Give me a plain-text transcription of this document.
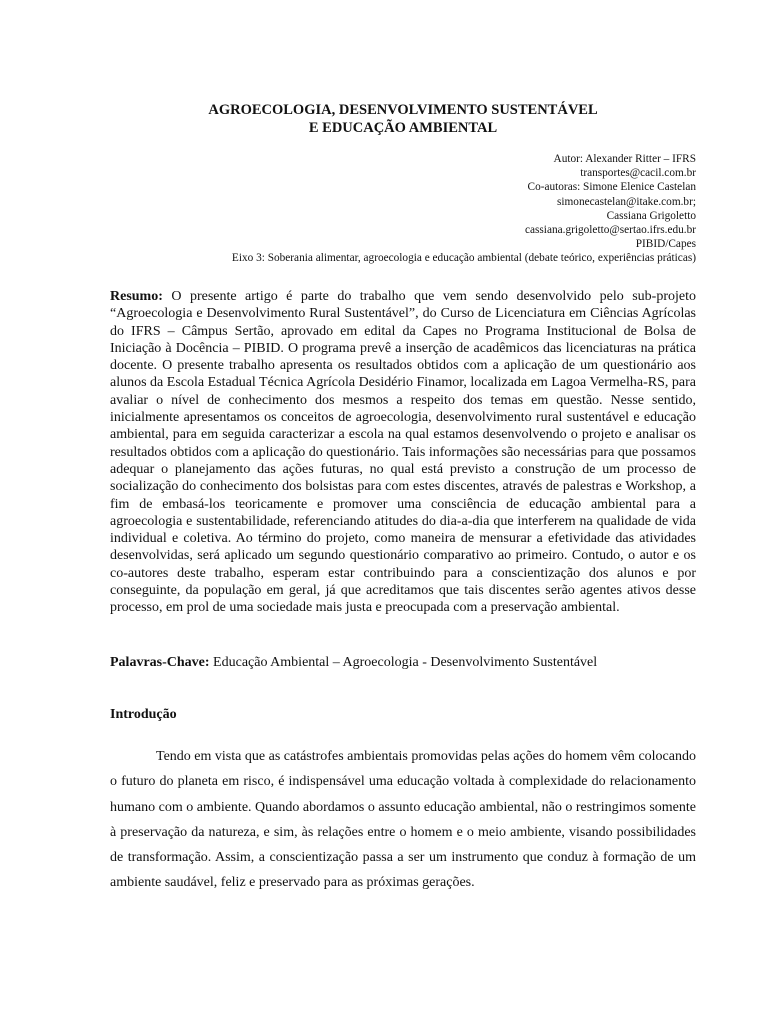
AGROECOLOGIA, DESENVOLVIMENTO SUSTENTÁVEL
E EDUCAÇÃO AMBIENTAL
Autor: Alexander Ritter – IFRS
transportes@cacil.com.br
Co-autoras: Simone Elenice Castelan
simonecastelan@itake.com.br;
Cassiana Grigoletto
cassiana.grigoletto@sertao.ifrs.edu.br
PIBID/Capes
Eixo 3: Soberania alimentar, agroecologia e educação ambiental (debate teórico, experiências práticas)
Resumo: O presente artigo é parte do trabalho que vem sendo desenvolvido pelo sub-projeto “Agroecologia e Desenvolvimento Rural Sustentável”, do Curso de Licenciatura em Ciências Agrícolas do IFRS – Câmpus Sertão, aprovado em edital da Capes no Programa Institucional de Bolsa de Iniciação à Docência – PIBID. O programa prevê a inserção de acadêmicos das licenciaturas na prática docente. O presente trabalho apresenta os resultados obtidos com a aplicação de um questionário aos alunos da Escola Estadual Técnica Agrícola Desidério Finamor, localizada em Lagoa Vermelha-RS, para avaliar o nível de conhecimento dos mesmos a respeito dos temas em questão. Nesse sentido, inicialmente apresentamos os conceitos de agroecologia, desenvolvimento rural sustentável e educação ambiental, para em seguida caracterizar a escola na qual estamos desenvolvendo o projeto e analisar os resultados obtidos com a aplicação do questionário. Tais informações são necessárias para que possamos adequar o planejamento das ações futuras, no qual está previsto a construção de um processo de socialização do conhecimento dos bolsistas para com estes discentes, através de palestras e Workshop, a fim de embasá-los teoricamente e promover uma consciência de educação ambiental para a agroecologia e sustentabilidade, referenciando atitudes do dia-a-dia que interferem na qualidade de vida individual e coletiva. Ao término do projeto, como maneira de mensurar a efetividade das atividades desenvolvidas, será aplicado um segundo questionário comparativo ao primeiro. Contudo, o autor e os co-autores deste trabalho, esperam estar contribuindo para a conscientização dos alunos e por conseguinte, da população em geral, já que acreditamos que tais discentes serão agentes ativos desse processo, em prol de uma sociedade mais justa e preocupada com a preservação ambiental.
Palavras-Chave: Educação Ambiental – Agroecologia - Desenvolvimento Sustentável
Introdução
Tendo em vista que as catástrofes ambientais promovidas pelas ações do homem vêm colocando o futuro do planeta em risco, é indispensável uma educação voltada à complexidade do relacionamento humano com o ambiente. Quando abordamos o assunto educação ambiental, não o restringimos somente à preservação da natureza, e sim, às relações entre o homem e o meio ambiente, visando possibilidades de transformação. Assim, a conscientização passa a ser um instrumento que conduz à formação de um ambiente saudável, feliz e preservado para as próximas gerações.
